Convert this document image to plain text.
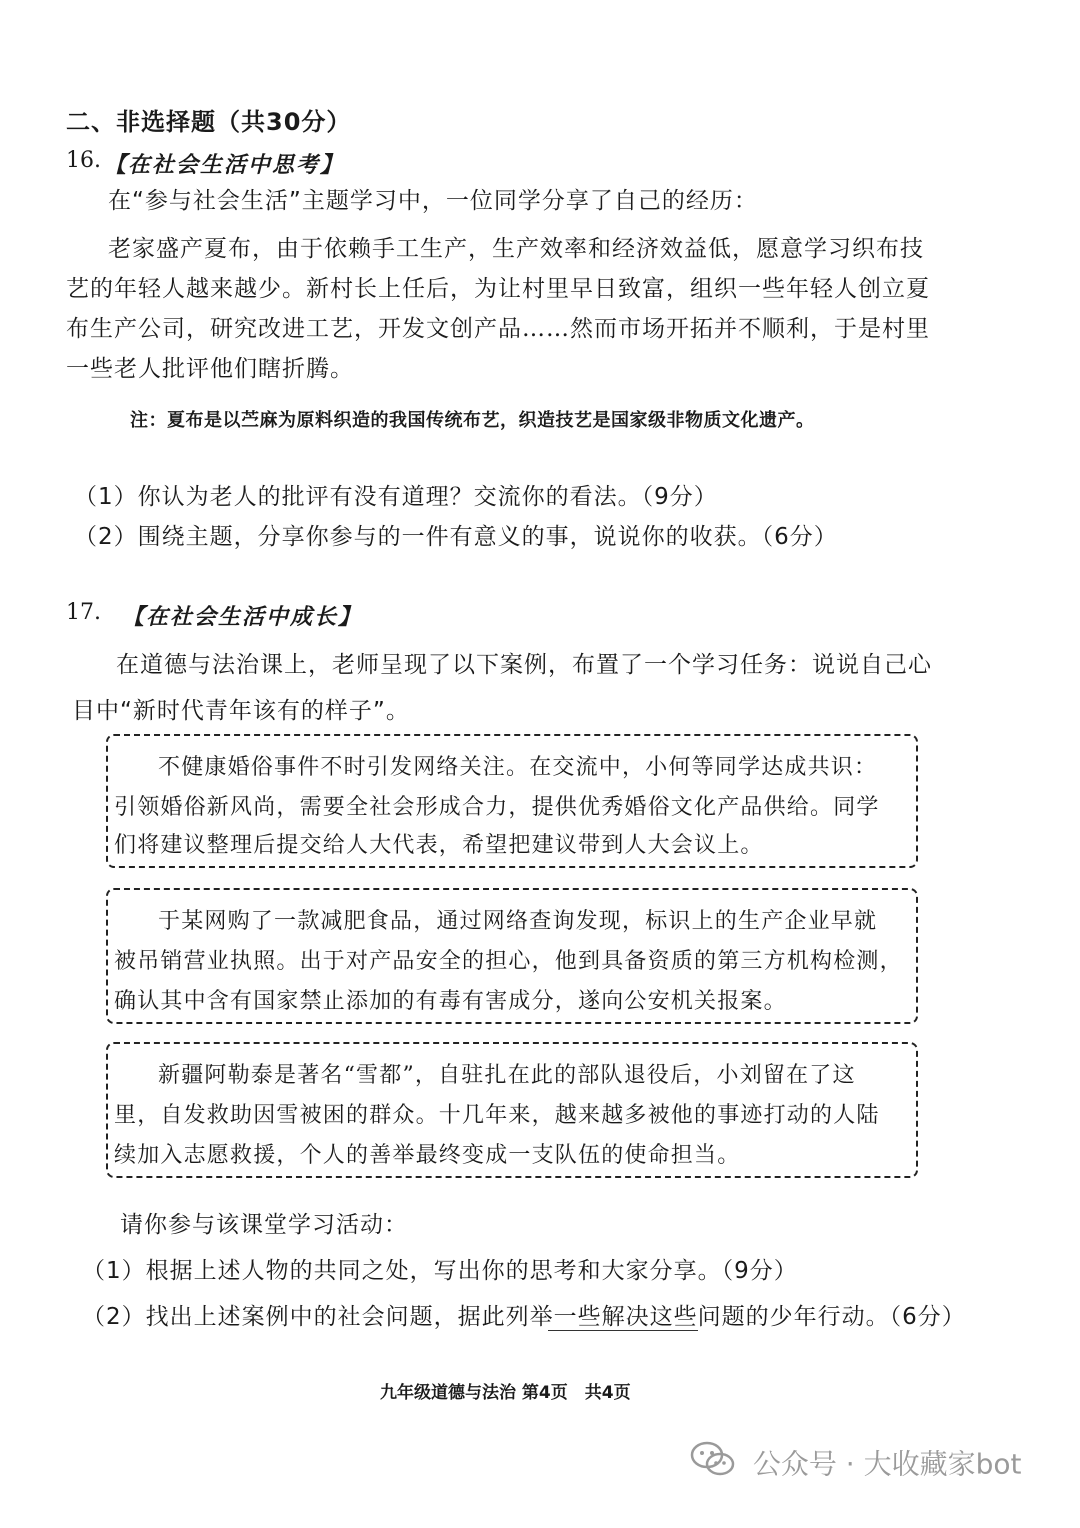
二、非选择题（共30分）
16. 【在社会生活中思考】
在“参与社会生活”主题学习中，一位同学分享了自己的经历：
老家盛产夏布，由于依赖手工生产，生产效率和经济效益低，愿意学习织布技
艺的年轻人越来越少。新村长上任后，为让村里早日致富，组织一些年轻人创立夏
布生产公司，研究改进工艺，开发文创产品……然而市场开拓并不顺利，于是村里
一些老人批评他们瞎折腾。
注：夏布是以苎麻为原料织造的我国传统布艺，织造技艺是国家级非物质文化遗产。
（1）你认为老人的批评有没有道理？交流你的看法。（9分）
（2）围绕主题，分享你参与的一件有意义的事，说说你的收获。（6分）
17. 【在社会生活中成长】
在道德与法治课上，老师呈现了以下案例，布置了一个学习任务：说说自己心
目中“新时代青年该有的样子”。
不健康婚俗事件不时引发网络关注。在交流中，小何等同学达成共识：
引领婚俗新风尚，需要全社会形成合力，提供优秀婚俗文化产品供给。同学
们将建议整理后提交给人大代表，希望把建议带到人大会议上。
于某网购了一款减肥食品，通过网络查询发现，标识上的生产企业早就
被吊销营业执照。出于对产品安全的担心，他到具备资质的第三方机构检测，
确认其中含有国家禁止添加的有毒有害成分，遂向公安机关报案。
新疆阿勒泰是著名“雪都”，自驻扎在此的部队退役后，小刘留在了这
里，自发救助因雪被困的群众。十几年来，越来越多被他的事迹打动的人陆
续加入志愿救援，个人的善举最终变成一支队伍的使命担当。
请你参与该课堂学习活动：
（1）根据上述人物的共同之处，写出你的思考和大家分享。（9分）
（2）找出上述案例中的社会问题，据此列举一些解决这些问题的少年行动。（6分）
九年级道德与法治 第4页　共4页
公众号 · 大收藏家bot
